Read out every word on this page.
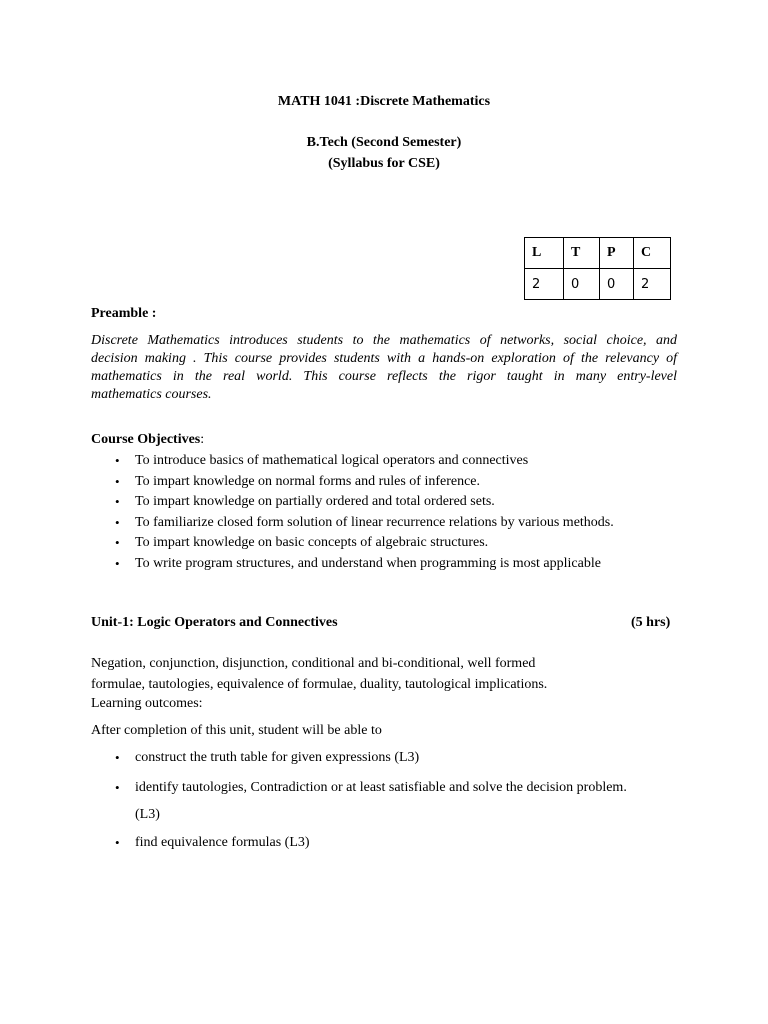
MATH 1041 :Discrete Mathematics
B.Tech (Second Semester)
(Syllabus for CSE)
L	T	P	C
2	0	0	2
Preamble :
Discrete Mathematics introduces students to the mathematics of networks, social choice, and
decision making . This course provides students with a hands-on exploration of the relevancy of
mathematics in the real world. This course reflects the rigor taught in many entry-level
mathematics courses.
Course Objectives:
• To introduce basics of mathematical logical operators and connectives
• To impart knowledge on normal forms and rules of inference.
• To impart knowledge on partially ordered and total ordered sets.
• To familiarize closed form solution of linear recurrence relations by various methods.
• To impart knowledge on basic concepts of algebraic structures.
• To write program structures, and understand when programming is most applicable
Unit-1: Logic Operators and Connectives	(5 hrs)
Negation, conjunction, disjunction, conditional and bi-conditional, well formed
formulae, tautologies, equivalence of formulae, duality, tautological implications.
Learning outcomes:
After completion of this unit, student will be able to
• construct the truth table for given expressions (L3)
• identify tautologies, Contradiction or at least satisfiable and solve the decision problem.
• find equivalence formulas (L3)
(L3)
